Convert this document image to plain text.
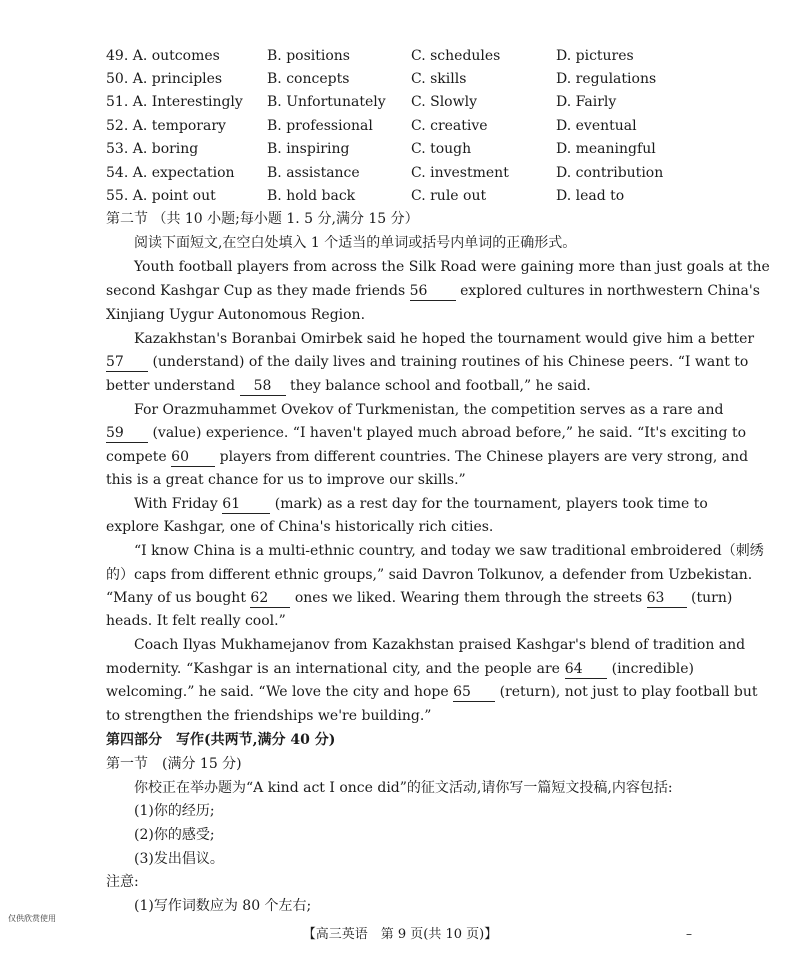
49. A. outcomes	B. positions	C. schedules	D. pictures
50. A. principles	B. concepts	C. skills	D. regulations
51. A. Interestingly B. Unfortunately C. Slowly	D. Fairly
52. A. temporary	B. professional	C. creative	D. eventual
53. A. boring	B. inspiring	C. tough	D. meaningful
54. A. expectation B. assistance	C. investment	D. contribution
55. A. point out	B. hold back	C. rule out	D. lead to
第二节 （共 10 小题;每小题 1. 5 分,满分 15 分）
阅读下面短文,在空白处填入 1 个适当的单词或括号内单词的正确形式。
Youth football players from across the Silk Road were gaining more than just goals at the
second Kashgar Cup as they made friends 56 explored cultures in northwestern China's
Xinjiang Uygur Autonomous Region.
Kazakhstan's Boranbai Omirbek said he hoped the tournament would give him a better
57 (understand) of the daily lives and training routines of his Chinese peers. “I want to
better understand 58 they balance school and football,” he said.
For Orazmuhammet Ovekov of Turkmenistan, the competition serves as a rare and
59 (value) experience. “I haven't played much abroad before,” he said. “It's exciting to
compete 60 players from different countries. The Chinese players are very strong, and
this is a great chance for us to improve our skills.”
With Friday 61 (mark) as a rest day for the tournament, players took time to
explore Kashgar, one of China's historically rich cities.
“I know China is a multi-ethnic country, and today we saw traditional embroidered（刺绣
的）caps from different ethnic groups,” said Davron Tolkunov, a defender from Uzbekistan.
“Many of us bought 62 ones we liked. Wearing them through the streets 63 (turn)
heads. It felt really cool.”
Coach Ilyas Mukhamejanov from Kazakhstan praised Kashgar's blend of tradition and
modernity. “Kashgar is an international city, and the people are 64 (incredible)
welcoming.” he said. “We love the city and hope 65 (return), not just to play football but
to strengthen the friendships we're building.”
第四部分　写作(共两节,满分 40 分)
第一节　(满分 15 分)
你校正在举办题为“A kind act I once did”的征文活动,请你写一篇短文投稿,内容包括:
(1)你的经历;
(2)你的感受;
(3)发出倡议。
注意:
(1)写作词数应为 80 个左右;
仅供欣赏使用
【高三英语　第 9 页(共 10 页)】	–
